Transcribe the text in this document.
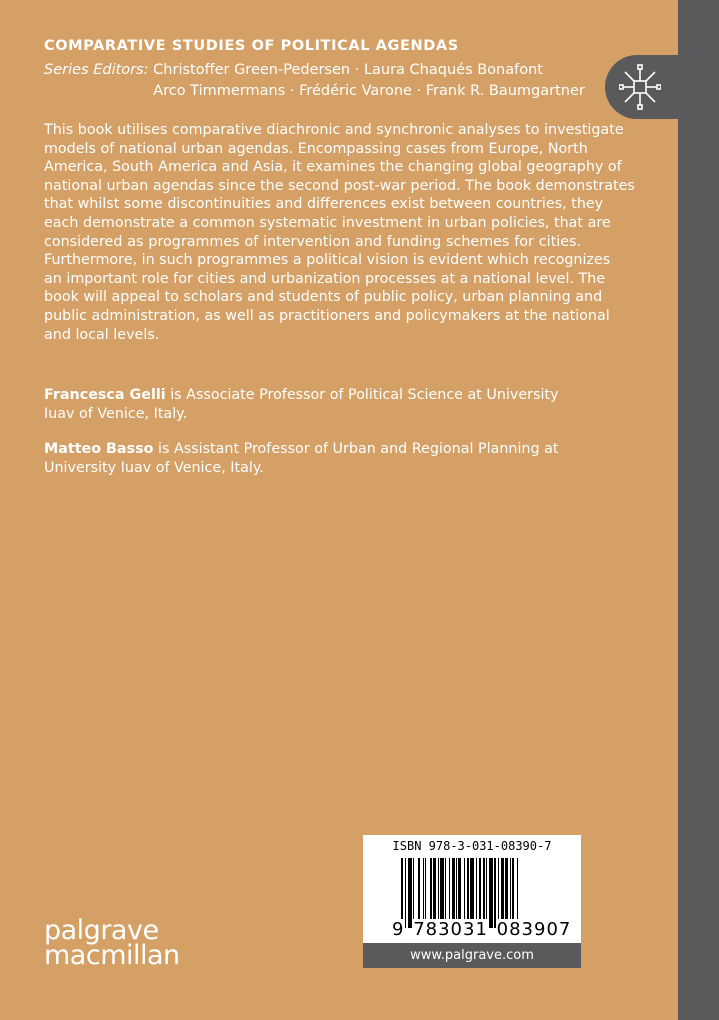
COMPARATIVE STUDIES OF POLITICAL AGENDAS
Series Editors: Christoffer Green-Pedersen · Laura Chaqués Bonafont
Arco Timmermans · Frédéric Varone · Frank R. Baumgartner
This book utilises comparative diachronic and synchronic analyses to investigate
models of national urban agendas. Encompassing cases from Europe, North
America, South America and Asia, it examines the changing global geography of
national urban agendas since the second post-war period. The book demonstrates
that whilst some discontinuities and differences exist between countries, they
each demonstrate a common systematic investment in urban policies, that are
considered as programmes of intervention and funding schemes for cities.
Furthermore, in such programmes a political vision is evident which recognizes
an important role for cities and urbanization processes at a national level. The
book will appeal to scholars and students of public policy, urban planning and
public administration, as well as practitioners and policymakers at the national
and local levels.
Francesca Gelli is Associate Professor of Political Science at University Iuav of Venice, Italy.
Matteo Basso is Assistant Professor of Urban and Regional Planning at University Iuav of Venice, Italy.
palgrave
macmillan
ISBN 978-3-031-08390-7
9 783031 083907
www.palgrave.com
